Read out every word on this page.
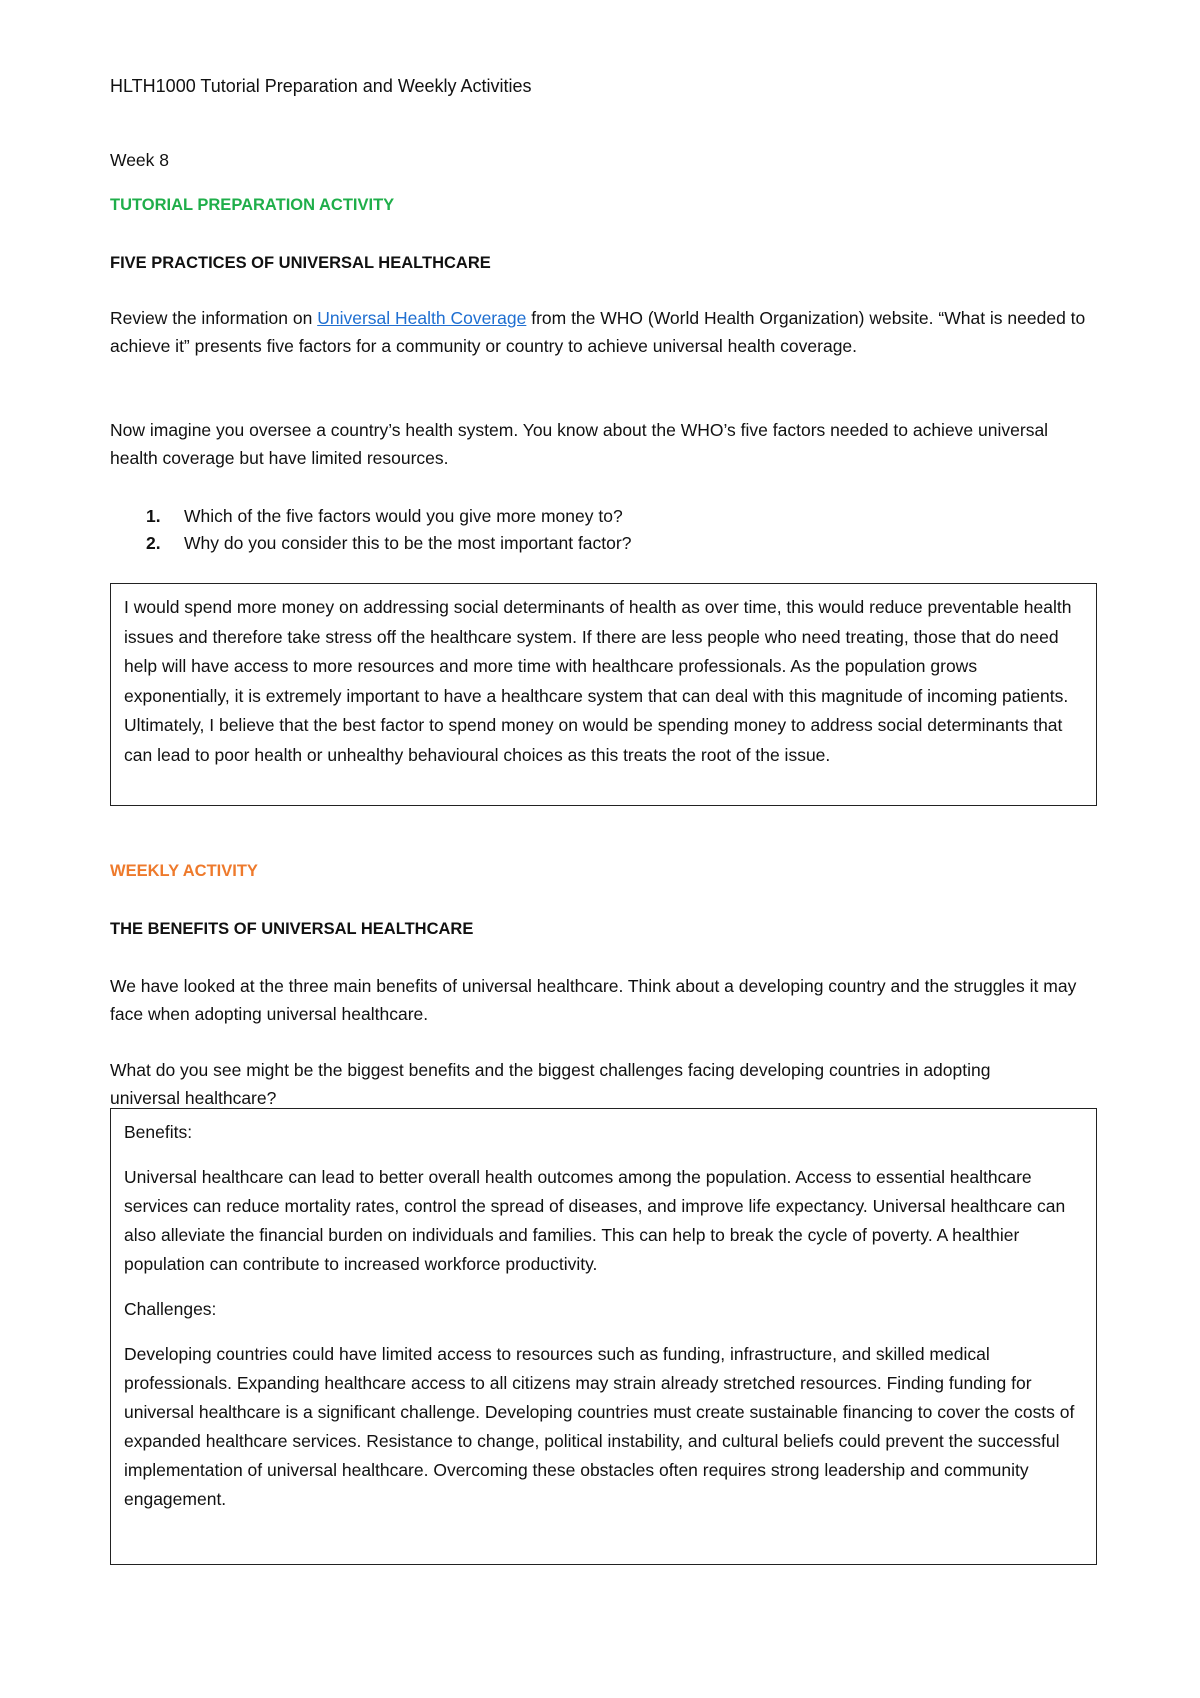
HLTH1000 Tutorial Preparation and Weekly Activities
Week 8
TUTORIAL PREPARATION ACTIVITY
FIVE PRACTICES OF UNIVERSAL HEALTHCARE

Review the information on Universal Health Coverage from the WHO (World Health Organization) website. “What is needed to achieve it” presents five factors for a community or country to achieve universal health coverage.

Now imagine you oversee a country’s health system. You know about the WHO’s five factors needed to achieve universal health coverage but have limited resources.

1. Which of the five factors would you give more money to?
2. Why do you consider this to be the most important factor?

I would spend more money on addressing social determinants of health as over time, this would reduce preventable health issues and therefore take stress off the healthcare system. If there are less people who need treating, those that do need help will have access to more resources and more time with healthcare professionals. As the population grows exponentially, it is extremely important to have a healthcare system that can deal with this magnitude of incoming patients. Ultimately, I believe that the best factor to spend money on would be spending money to address social determinants that can lead to poor health or unhealthy behavioural choices as this treats the root of the issue.

WEEKLY ACTIVITY
THE BENEFITS OF UNIVERSAL HEALTHCARE

We have looked at the three main benefits of universal healthcare. Think about a developing country and the struggles it may face when adopting universal healthcare.

What do you see might be the biggest benefits and the biggest challenges facing developing countries in adopting universal healthcare?

Benefits:

Universal healthcare can lead to better overall health outcomes among the population. Access to essential healthcare services can reduce mortality rates, control the spread of diseases, and improve life expectancy. Universal healthcare can also alleviate the financial burden on individuals and families. This can help to break the cycle of poverty. A healthier population can contribute to increased workforce productivity.

Challenges:

Developing countries could have limited access to resources such as funding, infrastructure, and skilled medical professionals. Expanding healthcare access to all citizens may strain already stretched resources. Finding funding for universal healthcare is a significant challenge. Developing countries must create sustainable financing to cover the costs of expanded healthcare services. Resistance to change, political instability, and cultural beliefs could prevent the successful implementation of universal healthcare. Overcoming these obstacles often requires strong leadership and community engagement.
